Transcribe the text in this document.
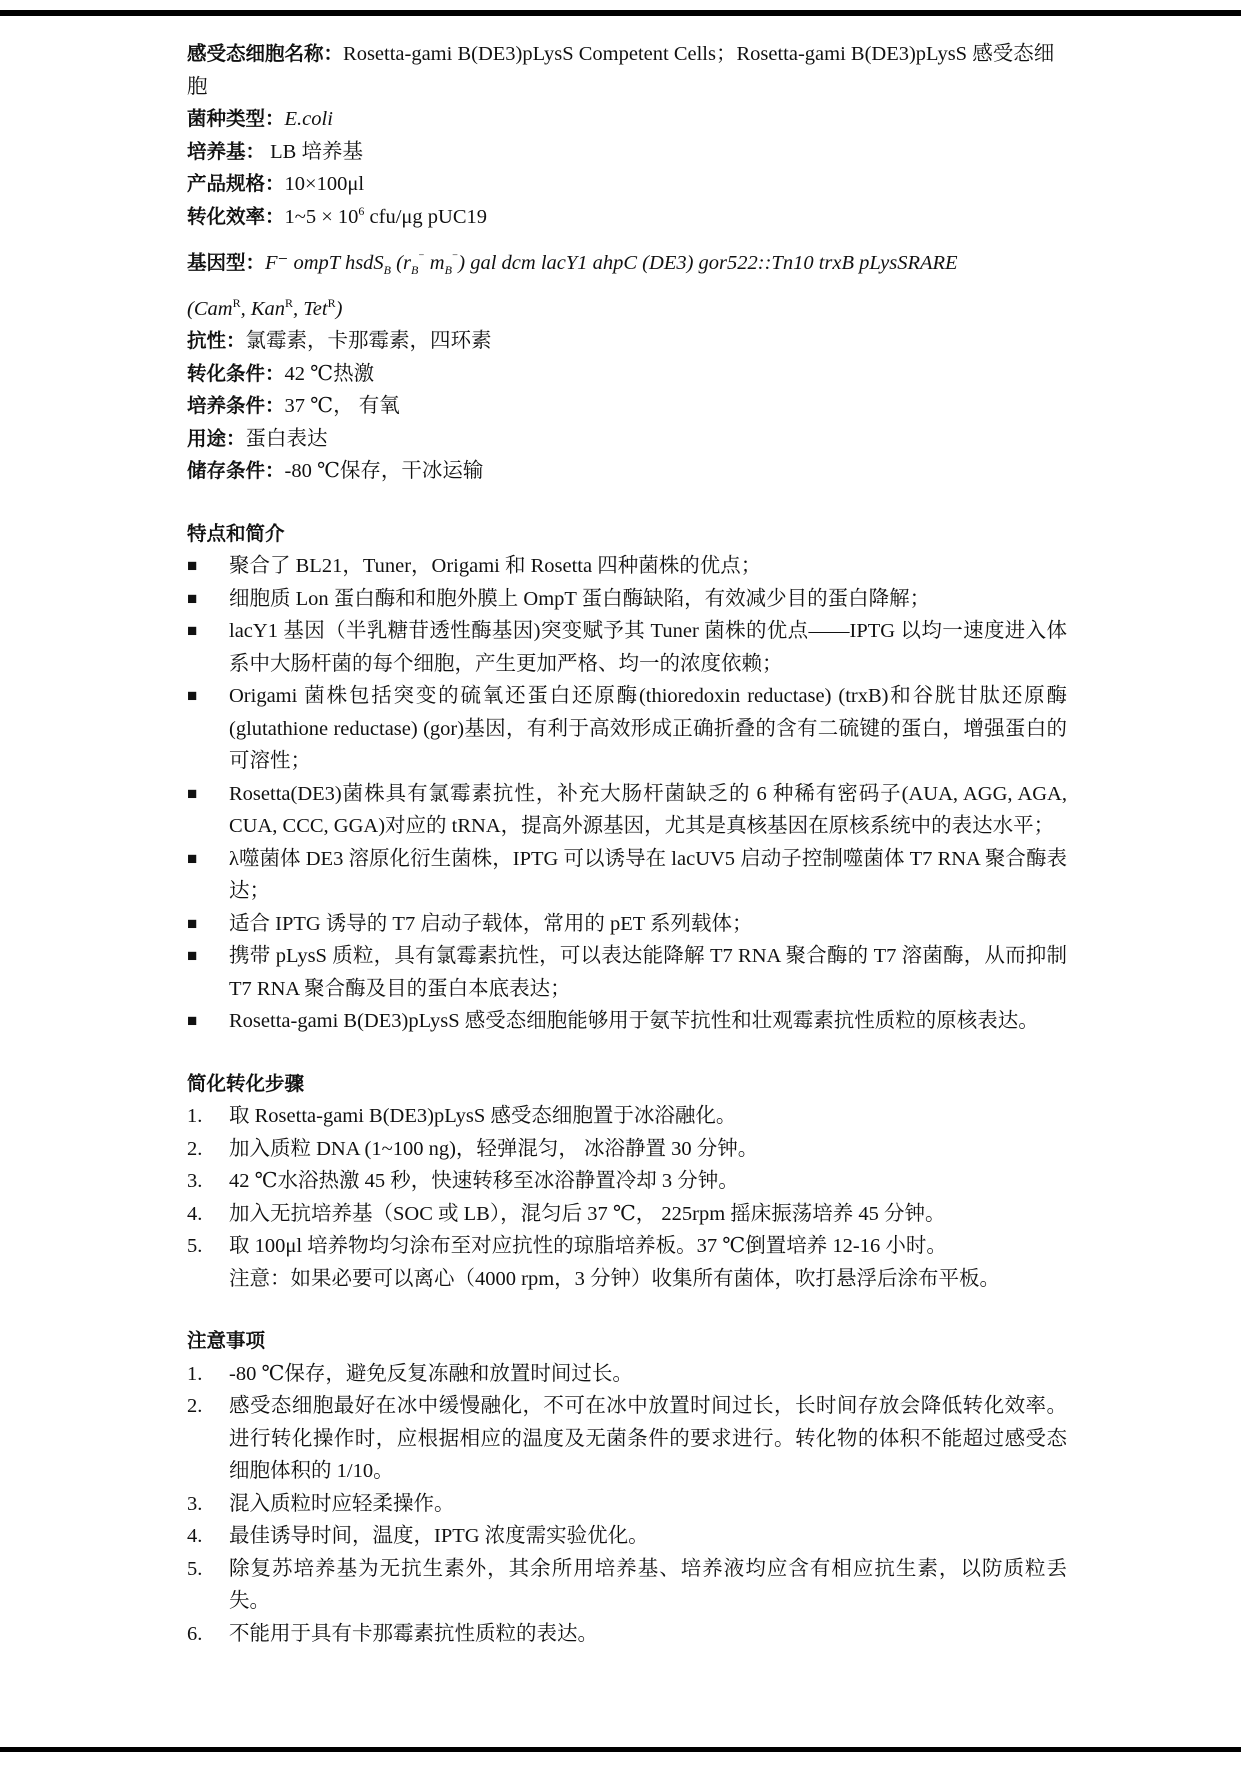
感受态细胞名称：Rosetta-gami B(DE3)pLysS Competent Cells；Rosetta-gami B(DE3)pLysS 感受态细胞

菌种类型：E.coli

培养基： LB 培养基

产品规格：10×100μl

转化效率：1~5 × $10^6$ cfu/μg pUC19

基因型：F⁻ ompT hsdS$_B$ ($r_B^{^-}$ $m_B^{^-}$) gal dcm lacY1 ahpC (DE3) gor522::Tn10 trxB pLysSRARE

(Cam$^R$, Kan$^R$, Tet$^R$)

抗性：氯霉素，卡那霉素，四环素

转化条件：42 ℃热激

培养条件：37 ℃， 有氧

用途：蛋白表达

储存条件：-80 ℃保存，干冰运输

特点和简介

■	聚合了 BL21，Tuner，Origami 和 Rosetta 四种菌株的优点；
■	细胞质 Lon 蛋白酶和和胞外膜上 OmpT 蛋白酶缺陷，有效减少目的蛋白降解；
■	lacY1 基因（半乳糖苷透性酶基因)突变赋予其 Tuner 菌株的优点——IPTG 以均一速度进入体系中大肠杆菌的每个细胞，产生更加严格、均一的浓度依赖；
■	Origami 菌株包括突变的硫氧还蛋白还原酶(thioredoxin reductase) (trxB)和谷胱甘肽还原酶(glutathione reductase) (gor)基因，有利于高效形成正确折叠的含有二硫键的蛋白，增强蛋白的可溶性；
■	Rosetta(DE3)菌株具有氯霉素抗性，补充大肠杆菌缺乏的 6 种稀有密码子(AUA, AGG, AGA, CUA, CCC, GGA)对应的 tRNA，提高外源基因，尤其是真核基因在原核系统中的表达水平；
■	λ噬菌体 DE3 溶原化衍生菌株，IPTG 可以诱导在 lacUV5 启动子控制噬菌体 T7 RNA 聚合酶表达；
■	适合 IPTG 诱导的 T7 启动子载体，常用的 pET 系列载体；
■	携带 pLysS 质粒，具有氯霉素抗性，可以表达能降解 T7 RNA 聚合酶的 T7 溶菌酶，从而抑制 T7 RNA 聚合酶及目的蛋白本底表达；
■	Rosetta-gami B(DE3)pLysS 感受态细胞能够用于氨苄抗性和壮观霉素抗性质粒的原核表达。

简化转化步骤

1.	取 Rosetta-gami B(DE3)pLysS 感受态细胞置于冰浴融化。
2.	加入质粒 DNA (1~100 ng)，轻弹混匀， 冰浴静置 30 分钟。
3.	42 ℃水浴热激 45 秒，快速转移至冰浴静置冷却 3 分钟。
4.	加入无抗培养基（SOC 或 LB），混匀后 37 ℃， 225rpm 摇床振荡培养 45 分钟。
5.	取 100μl 培养物均匀涂布至对应抗性的琼脂培养板。37 ℃倒置培养 12-16 小时。

注意：如果必要可以离心（4000 rpm，3 分钟）收集所有菌体，吹打悬浮后涂布平板。

注意事项

1.	-80 ℃保存，避免反复冻融和放置时间过长。
2.	感受态细胞最好在冰中缓慢融化，不可在冰中放置时间过长，长时间存放会降低转化效率。进行转化操作时，应根据相应的温度及无菌条件的要求进行。转化物的体积不能超过感受态细胞体积的 1/10。
3.	混入质粒时应轻柔操作。
4.	最佳诱导时间，温度，IPTG 浓度需实验优化。
5.	除复苏培养基为无抗生素外，其余所用培养基、培养液均应含有相应抗生素，以防质粒丢失。
6.	不能用于具有卡那霉素抗性质粒的表达。
